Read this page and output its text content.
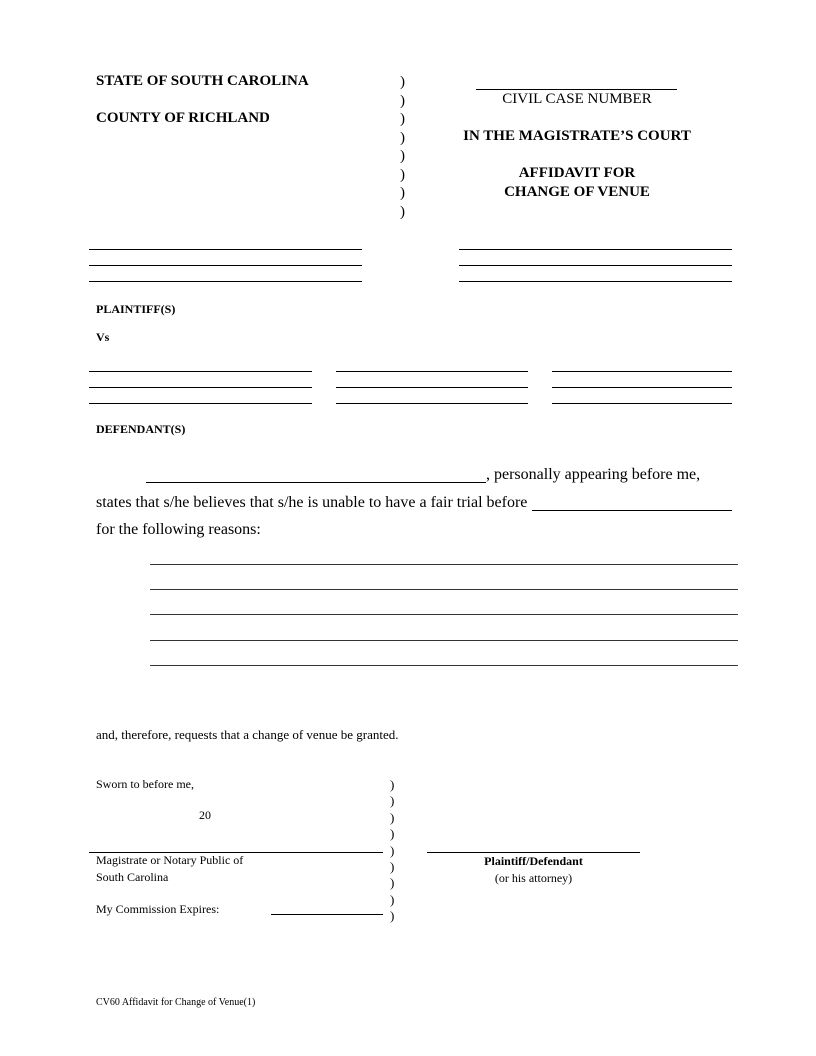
STATE OF SOUTH CAROLINA
COUNTY OF RICHLAND
)
)
)
)
)
)
)
)
CIVIL CASE NUMBER
IN THE MAGISTRATE’S COURT
AFFIDAVIT FOR
CHANGE OF VENUE
PLAINTIFF(S)
Vs
DEFENDANT(S)
, personally appearing before me,
states that s/he believes that s/he is unable to have a fair trial before
for the following reasons:
and, therefore, requests that a change of venue be granted.
Sworn to before me,
20
)
)
)
)
)
)
)
)
)
Magistrate or Notary Public of
South Carolina
Plaintiff/Defendant
(or his attorney)
My Commission Expires:
CV60 Affidavit for Change of Venue(1)
